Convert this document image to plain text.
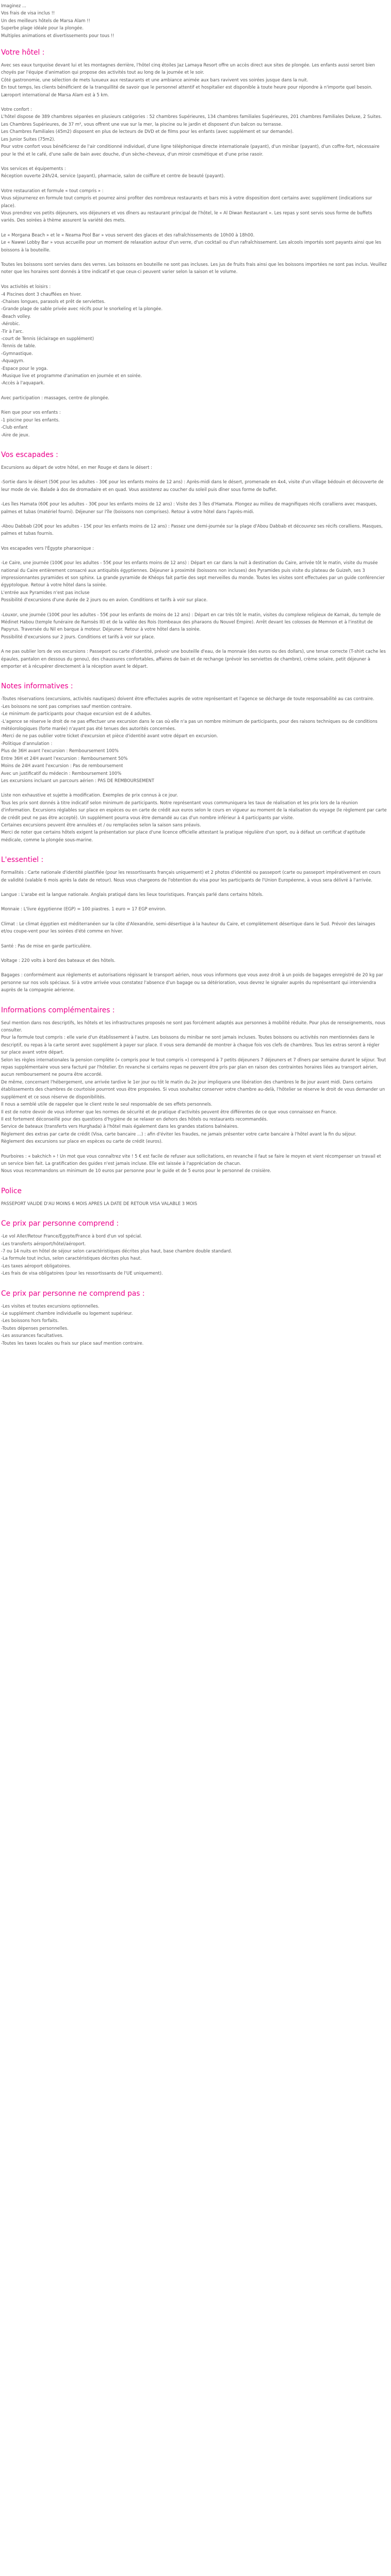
Imaginez ...

Vos frais de visa inclus !!

Un des meilleurs hôtels de Marsa Alam !!

Superbe plage idéale pour la plongée.

Multiples animations et divertissements pour tous !!

Votre hôtel :

Avec ses eaux turquoise devant lui et les montagnes derrière, l'hôtel cinq étoiles Jaz Lamaya Resort offre un accès direct aux sites de plongée. Les enfants aussi seront bien choyés par l'équipe d'animation qui propose des activités tout au long de la journée et le soir.

Côté gastronomie, une sélection de mets luxueux aux restaurants et une ambiance animée aux bars ravivent vos soirées jusque dans la nuit.

En tout temps, les clients bénéficient de la tranquillité de savoir que le personnel attentif et hospitalier est disponible à toute heure pour répondre à n'importe quel besoin.

Læroport international de Marsa Alam est à 5 km.

Votre confort :

L'hôtel dispose de 389 chambres séparées en plusieurs catégories : 52 chambres Supérieures, 134 chambres familiales Supérieures, 201 chambres Familiales Deluxe, 2 Suites.

Les Chambres Supérieures, de 37 m², vous offrent une vue sur la mer, la piscine ou le jardin et disposent d'un balcon ou terrasse.

Les Chambres Familiales (45m2) disposent en plus de lecteurs de DVD et de films pour les enfants (avec supplément et sur demande).

Les Junior Suites (75m2).

Pour votre confort vous bénéficierez de l'air conditionné individuel, d'une ligne téléphonique directe internationale (payant), d'un minibar (payant), d'un coffre-fort, nécessaire pour le thé et le café, d'une salle de bain avec douche, d'un sèche-cheveux, d'un miroir cosmétique et d'une prise rasoir.

Vos services et équipements :

Réception ouverte 24h/24, service (payant), pharmacie, salon de coiffure et centre de beauté (payant).

Votre restauration et formule « tout compris » :

Vous séjournerez en formule tout compris et pourrez ainsi profiter des nombreux restaurants et bars mis à votre disposition dont certains avec supplément (indications sur place).

Vous prendrez vos petits déjeuners, vos déjeuners et vos dîners au restaurant principal de l'hôtel, le « Al Diwan Restaurant ». Les repas y sont servis sous forme de buffets variés. Des soirées à thème assurent la variété des mets.

Le « Morgana Beach » et le « Neama Pool Bar » vous servent des glaces et des rafraîchissements de 10h00 à 18h00.

Le « Nawwi Lobby Bar » vous accueille pour un moment de relaxation autour d'un verre, d'un cocktail ou d'un rafraîchissement. Les alcools importés sont payants ainsi que les boissons à la bouteille.

Toutes les boissons sont servies dans des verres. Les boissons en bouteille ne sont pas incluses. Les jus de fruits frais ainsi que les boissons importées ne sont pas inclus. Veuillez noter que les horaires sont donnés à titre indicatif et que ceux-ci peuvent varier selon la saison et le volume.

Vos activités et loisirs :

-4 Piscines dont 3 chauffées en hiver.

-Chaises longues, parasols et prêt de serviettes.

-Grande plage de sable privée avec récifs pour le snorkeling et la plongée.

-Beach volley.

-Aérobic.

-Tir à l'arc.

-court de Tennis (éclairage en supplément)

-Tennis de table.

-Gymnastique.

-Aquagym.

-Espace pour le yoga.

-Musique live et programme d'animation en journée et en soirée.

-Accès à l'aquapark.

Avec participation : massages, centre de plongée.

Rien que pour vos enfants :

-1 piscine pour les enfants.

-Club enfant

-Aire de jeux.

Vos escapades :

Excursions au départ de votre hôtel, en mer Rouge et dans le désert :

-Sortie dans le désert (50€ pour les adultes - 30€ pour les enfants moins de 12 ans) : Après-midi dans le désert, promenade en 4x4, visite d'un village bédouin et découverte de leur mode de vie. Balade à dos de dromadaire et en quad. Vous assisterez au coucher du soleil puis dîner sous forme de buffet.

-Les îles Hamata (60€ pour les adultes - 30€ pour les enfants moins de 12 ans) : Visite des 3 îles d'Hamata. Plongez au milieu de magnifiques récifs coralliens avec masques, palmes et tubas (matériel fourni). Déjeuner sur l'île (boissons non comprises). Retour à votre hôtel dans l'après-midi.

-Abou Dabbab (20€ pour les adultes - 15€ pour les enfants moins de 12 ans) : Passez une demi-journée sur la plage d'Abou Dabbab et découvrez ses récifs coralliens. Masques, palmes et tubas fournis.

Vos escapades vers l'Égypte pharaonique :

-Le Caire, une journée (100€ pour les adultes - 55€ pour les enfants moins de 12 ans) : Départ en car dans la nuit à destination du Caire, arrivée tôt le matin, visite du musée national du Caire entièrement consacré aux antiquités égyptiennes. Déjeuner à proximité (boissons non incluses) des Pyramides puis visite du plateau de Guizeh, ses 3 impressionnantes pyramides et son sphinx. La grande pyramide de Khéops fait partie des sept merveilles du monde. Toutes les visites sont effectuées par un guide conférencier égyptologue. Retour à votre hôtel dans la soirée.

L'entrée aux Pyramides n'est pas incluse

Possibilité d'excursions d'une durée de 2 jours ou en avion. Conditions et tarifs à voir sur place.

-Louxor, une journée (100€ pour les adultes - 55€ pour les enfants de moins de 12 ans) : Départ en car très tôt le matin, visites du complexe religieux de Karnak, du temple de Médinet Habou (temple funéraire de Ramsès III) et de la vallée des Rois (tombeaux des pharaons du Nouvel Empire). Arrêt devant les colosses de Memnon et à l'institut de Papyrus. Traversée du Nil en barque à moteur. Déjeuner. Retour à votre hôtel dans la soirée.

Possibilité d'excursions sur 2 jours. Conditions et tarifs à voir sur place.

A ne pas oublier lors de vos excursions : Passeport ou carte d'identité, prévoir une bouteille d'eau, de la monnaie (des euros ou des dollars), une tenue correcte (T-shirt cache les épaules, pantalon en dessous du genou), des chaussures confortables, affaires de bain et de rechange (prévoir les serviettes de chambre), crème solaire, petit déjeuner à emporter et à récupérer directement à la réception avant le départ.

Notes informatives :

-Toutes réservations (excursions, activités nautiques) doivent être effectuées auprès de votre représentant et l'agence se décharge de toute responsabilité au cas contraire.

-Les boissons ne sont pas comprises sauf mention contraire.

-Le minimum de participants pour chaque excursion est de 4 adultes.

-L'agence se réserve le droit de ne pas effectuer une excursion dans le cas où elle n'a pas un nombre minimum de participants, pour des raisons techniques ou de conditions météorologiques (forte marée) n'ayant pas été tenues des autorités concernées.

-Merci de ne pas oublier votre ticket d'excursion et pièce d'identité avant votre départ en excursion.

-Politique d'annulation :

Plus de 36H avant l'excursion : Remboursement 100%

Entre 36H et 24H avant l'excursion : Remboursement 50%

Moins de 24H avant l'excursion : Pas de remboursement

Avec un justificatif du médecin : Remboursement 100%

Les excursions incluant un parcours aérien : PAS DE REMBOURSEMENT

Liste non exhaustive et sujette à modification. Exemples de prix connus à ce jour.

Tous les prix sont donnés à titre indicatif selon minimum de participants. Notre représentant vous communiquera les taux de réalisation et les prix lors de la réunion d'information. Excursions réglables sur place en espèces ou en carte de crédit aux euros selon le cours en vigueur au moment de la réalisation du voyage (le règlement par carte de crédit peut ne pas être accepté). Un supplément pourra vous être demandé au cas d'un nombre inférieur à 4 participants par visite.

Certaines excursions peuvent être annulées et / ou remplacées selon la saison sans préavis.

Merci de noter que certains hôtels exigent la présentation sur place d'une licence officielle attestant la pratique régulière d'un sport, ou à défaut un certificat d'aptitude médicale, comme la plongée sous-marine.

L'essentiel :

Formalités : Carte nationale d'identité plastifiée (pour les ressortissants français uniquement) et 2 photos d'identité ou passeport (carte ou passeport impérativement en cours de validité (valable 6 mois après la date de retour). Nous vous chargeons de l'obtention du visa pour les participants de l'Union Européenne, à vous sera délivré à l'arrivée.

Langue : L'arabe est la langue nationale. Anglais pratiqué dans les lieux touristiques. Français parlé dans certains hôtels.

Monnaie : L'livre égyptienne (EGP) = 100 piastres. 1 euro = 17 EGP environ.

Climat : Le climat égyptien est méditerranéen sur la côte d'Alexandrie, semi-désertique à la hauteur du Caire, et complètement désertique dans le Sud. Prévoir des lainages et/ou coupe-vent pour les soirées d'été comme en hiver.

Santé : Pas de mise en garde particulière.

Voltage : 220 volts à bord des bateaux et des hôtels.

Bagages : conformément aux règlements et autorisations régissant le transport aérien, nous vous informons que vous avez droit à un poids de bagages enregistré de 20 kg par personne sur nos vols spéciaux. Si à votre arrivée vous constatez l'absence d'un bagage ou sa détérioration, vous devrez le signaler auprès du représentant qui interviendra auprès de la compagnie aérienne.

Informations complémentaires :

Seul mention dans nos descriptifs, les hôtels et les infrastructures proposés ne sont pas forcément adaptés aux personnes à mobilité réduite. Pour plus de renseignements, nous consulter.

Pour la formule tout compris : elle varie d'un établissement à l'autre. Les boissons du minibar ne sont jamais incluses. Toutes boissons ou activités non mentionnées dans le descriptif, ou repas à la carte seront avec supplément à payer sur place. Il vous sera demandé de montrer à chaque fois vos clefs de chambres. Tous les extras seront à régler sur place avant votre départ.

Selon les règles internationales la pension complète (« compris pour le tout compris ») correspond à 7 petits déjeuners 7 déjeuners et 7 dîners par semaine durant le séjour. Tout repas supplémentaire vous sera facturé par l'hôtelier. En revanche si certains repas ne peuvent être pris par plan en raison des contraintes horaires liées au transport aérien, aucun remboursement ne pourra être accordé.

De même, concernant l'hébergement, une arrivée tardive le 1er jour ou tôt le matin du 2e jour impliquera une libération des chambres le 8e jour avant midi. Dans certains établissements des chambres de courtoisie pourront vous être proposées. Si vous souhaitez conserver votre chambre au-delà, l'hôtelier se réserve le droit de vous demander un supplément et ce sous réserve de disponibilités.

Il nous a semblé utile de rappeler que le client reste le seul responsable de ses effets personnels.

Il est de notre devoir de vous informer que les normes de sécurité et de pratique d'activités peuvent être différentes de ce que vous connaissez en France.

Il est fortement déconseillé pour des questions d'hygiène de se relaxer en dehors des hôtels ou restaurants recommandés.

Service de bateaux (transferts vers Hurghada) à l'hôtel mais également dans les grandes stations balnéaires.

Règlement des extras par carte de crédit (Visa, carte bancaire ...) : afin d'éviter les fraudes, ne jamais présenter votre carte bancaire à l'hôtel avant la fin du séjour.

Règlement des excursions sur place en espèces ou carte de crédit (euros).

Pourboires : « bakchich » ! Un mot que vous connaîtrez vite ! 5 € est facile de refuser aux sollicitations, en revanche il faut se faire le moyen et vient récompenser un travail et un service bien fait. La gratification des guides n'est jamais incluse. Elle est laissée à l'appréciation de chacun.

Nous vous recommandons un minimum de 10 euros par personne pour le guide et de 5 euros pour le personnel de croisière.

Police

PASSEPORT VALIDE D'AU MOINS 6 MOIS APRES LA DATE DE RETOUR VISA VALABLE 3 MOIS

Ce prix par personne comprend :

-Le vol Aller/Retour France/Egypte/France à bord d'un vol spécial.

-Les transferts aéroport/hôtel/aéroport.

-7 ou 14 nuits en hôtel de séjour selon caractéristiques décrites plus haut, base chambre double standard.

-La formule tout inclus, selon caractéristiques décrites plus haut.

-Les taxes aéroport obligatoires.

-Les frais de visa obligatoires (pour les ressortissants de l'UE uniquement).

Ce prix par personne ne comprend pas :

-Les visites et toutes excursions optionnelles.

-Le supplément chambre individuelle ou logement supérieur.

-Les boissons hors forfaits.

-Toutes dépenses personnelles.

-Les assurances facultatives.

-Toutes les taxes locales ou frais sur place sauf mention contraire.
